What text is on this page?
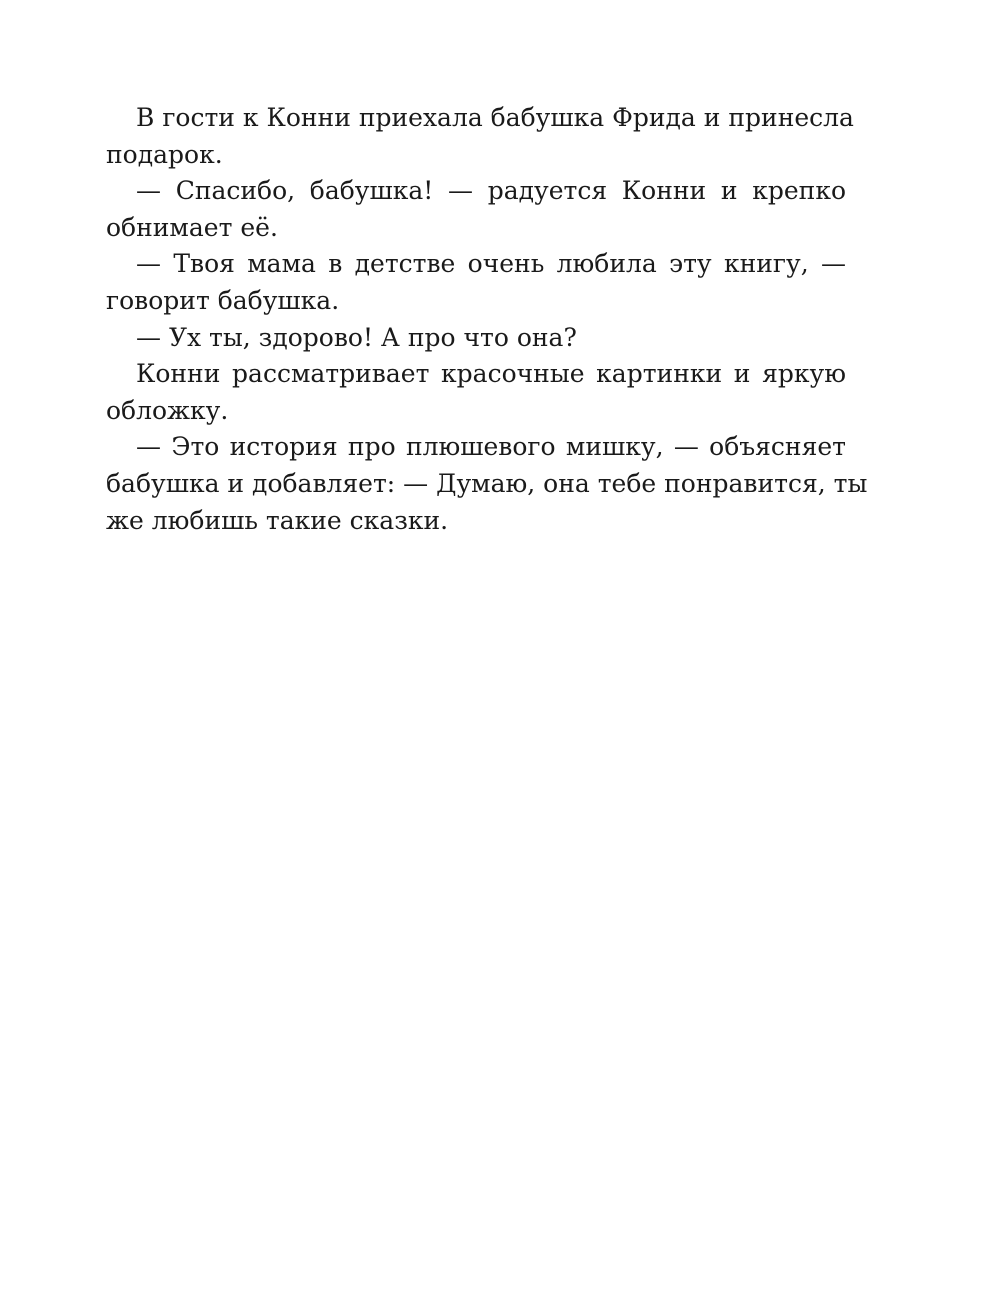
В гости к Конни приехала бабушка Фрида и принесла
подарок.
— Спасибо, бабушка! — радуется Конни и крепко
обнимает её.
— Твоя мама в детстве очень любила эту книгу, —
говорит бабушка.
— Ух ты, здорово! А про что она?
Конни рассматривает красочные картинки и яркую
обложку.
— Это история про плюшевого мишку, — объясняет
бабушка и добавляет: — Думаю, она тебе понравится, ты
же любишь такие сказки.
